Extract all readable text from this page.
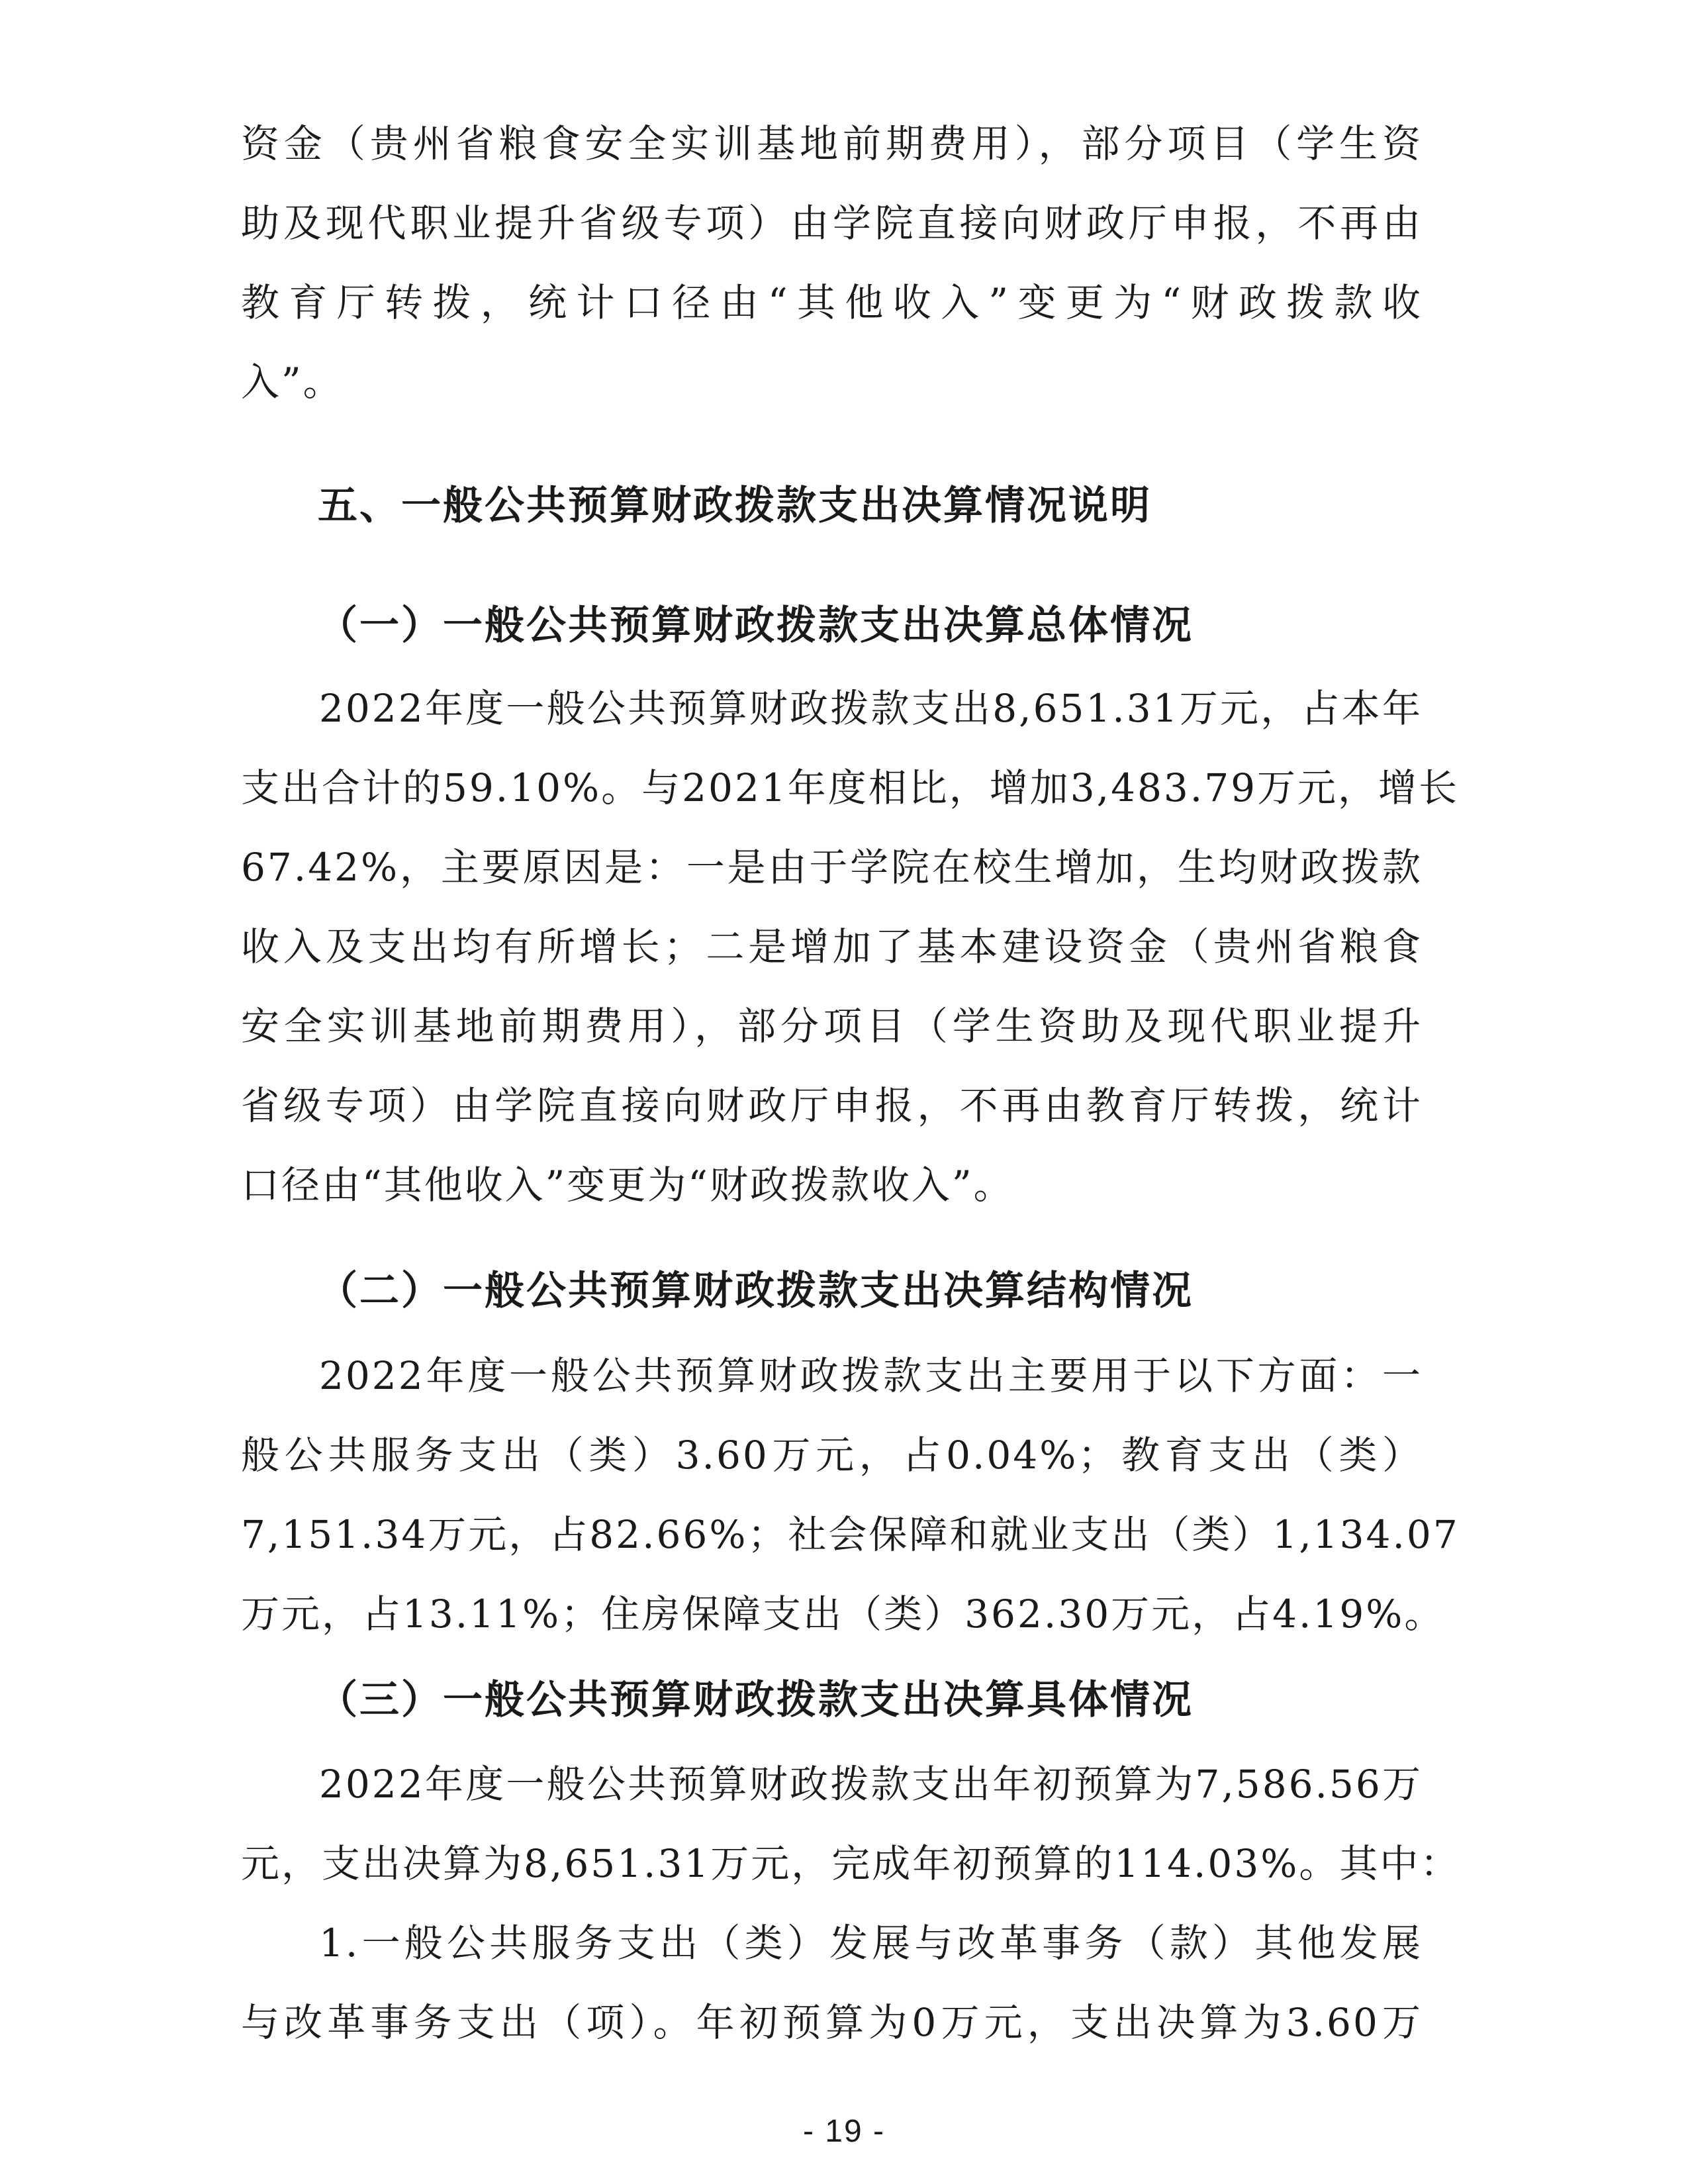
资金（贵州省粮食安全实训基地前期费用），部分项目（学生资
助及现代职业提升省级专项）由学院直接向财政厅申报，不再由
教育厅转拨，统计口径由“其他收入”变更为“财政拨款收
入”。
五、一般公共预算财政拨款支出决算情况说明
（一）一般公共预算财政拨款支出决算总体情况
2022年度一般公共预算财政拨款支出8,651.31万元，占本年
支出合计的59.10%。与2021年度相比，增加3,483.79万元，增长
67.42%，主要原因是：一是由于学院在校生增加，生均财政拨款
收入及支出均有所增长；二是增加了基本建设资金（贵州省粮食
安全实训基地前期费用），部分项目（学生资助及现代职业提升
省级专项）由学院直接向财政厅申报，不再由教育厅转拨，统计
口径由“其他收入”变更为“财政拨款收入”。
（二）一般公共预算财政拨款支出决算结构情况
2022年度一般公共预算财政拨款支出主要用于以下方面：一
般公共服务支出（类）3.60万元，占0.04%；教育支出（类）
7,151.34万元，占82.66%；社会保障和就业支出（类）1,134.07
万元，占13.11%；住房保障支出（类）362.30万元，占4.19%。
（三）一般公共预算财政拨款支出决算具体情况
2022年度一般公共预算财政拨款支出年初预算为7,586.56万
元，支出决算为8,651.31万元，完成年初预算的114.03%。其中：
1.一般公共服务支出（类）发展与改革事务（款）其他发展
与改革事务支出（项）。年初预算为0万元，支出决算为3.60万
- 19 -
